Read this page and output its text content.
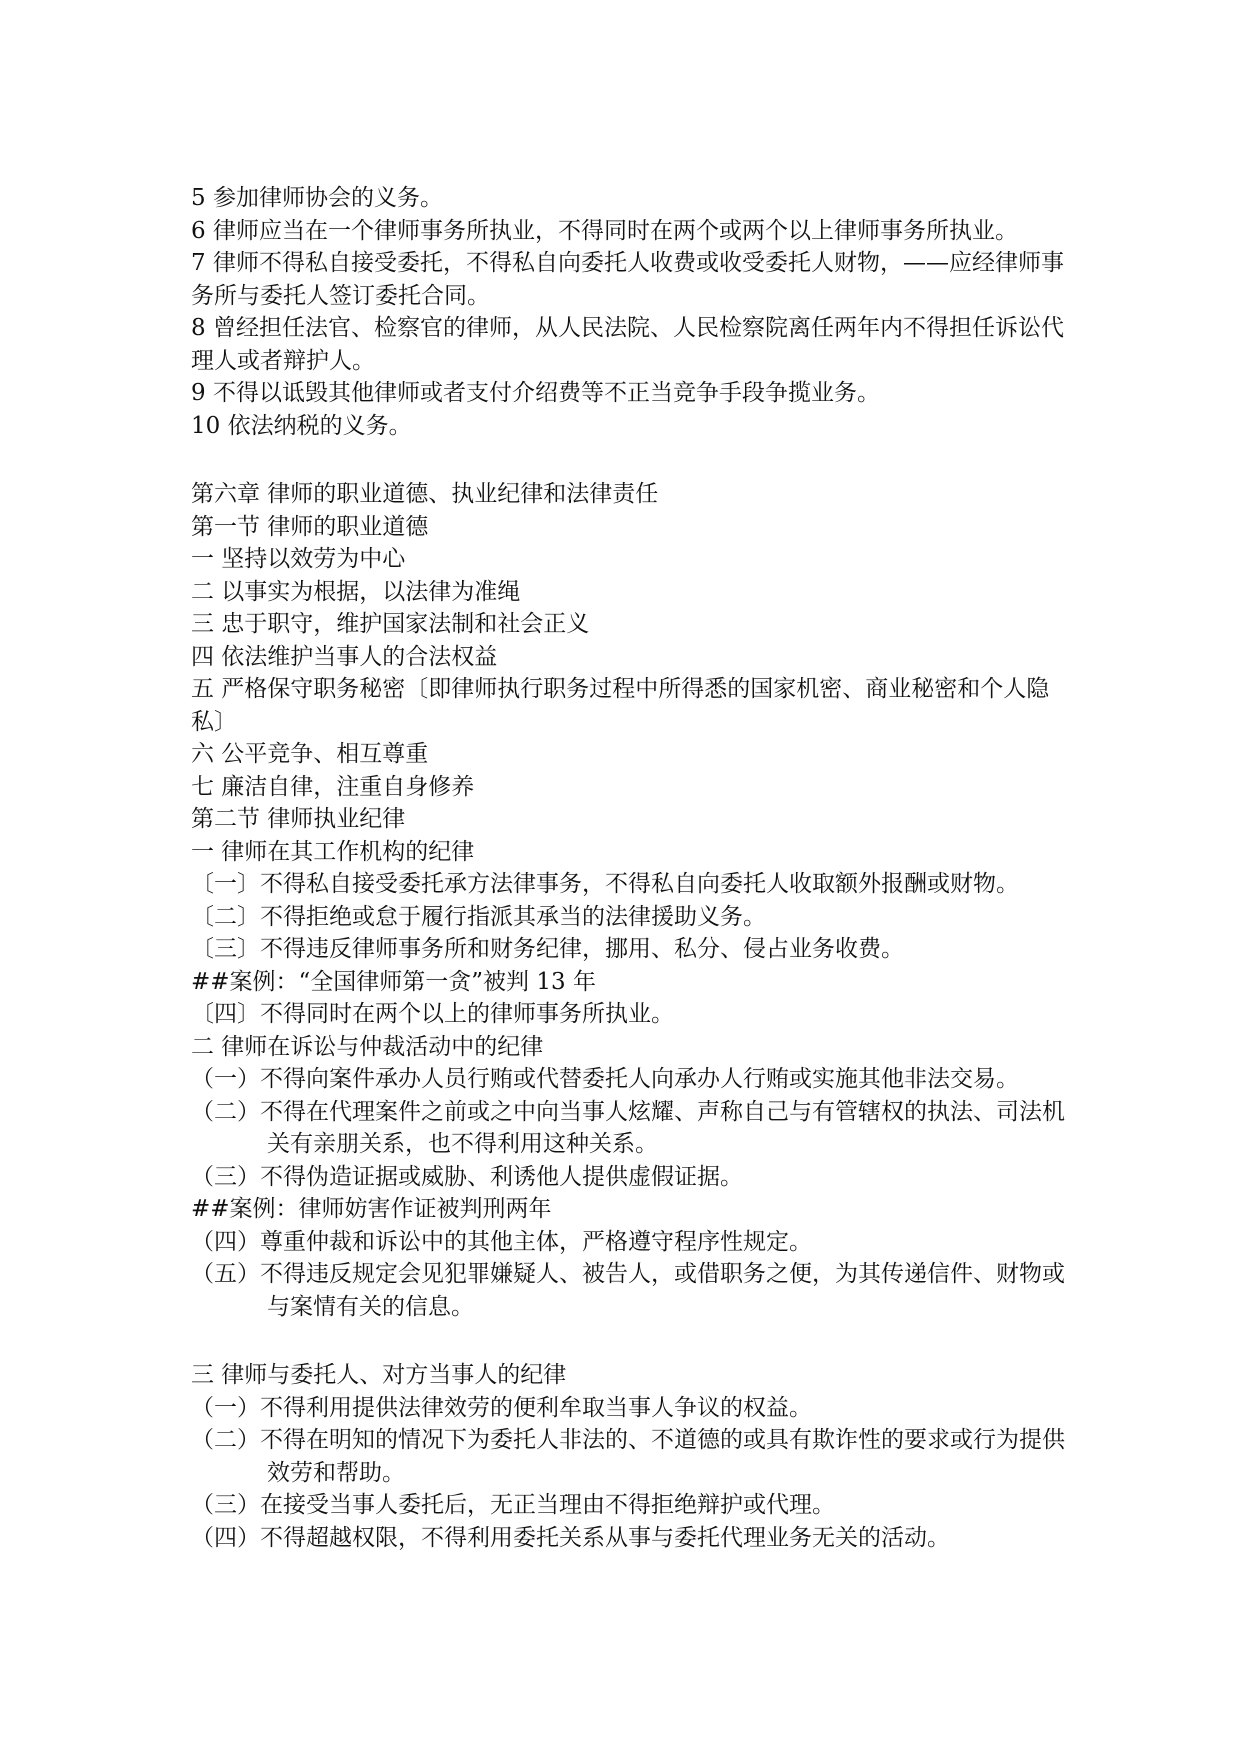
5 参加律师协会的义务。
6 律师应当在一个律师事务所执业，不得同时在两个或两个以上律师事务所执业。
7 律师不得私自接受委托，不得私自向委托人收费或收受委托人财物，——应经律师事务所与委托人签订委托合同。
8 曾经担任法官、检察官的律师，从人民法院、人民检察院离任两年内不得担任诉讼代理人或者辩护人。
9 不得以诋毁其他律师或者支付介绍费等不正当竞争手段争揽业务。
10 依法纳税的义务。
第六章 律师的职业道德、执业纪律和法律责任
第一节 律师的职业道德
一 坚持以效劳为中心
二 以事实为根据，以法律为准绳
三 忠于职守，维护国家法制和社会正义
四 依法维护当事人的合法权益
五 严格保守职务秘密〔即律师执行职务过程中所得悉的国家机密、商业秘密和个人隐私〕
六 公平竞争、相互尊重
七 廉洁自律，注重自身修养
第二节 律师执业纪律
一 律师在其工作机构的纪律
〔一〕不得私自接受委托承方法律事务，不得私自向委托人收取额外报酬或财物。
〔二〕不得拒绝或怠于履行指派其承当的法律援助义务。
〔三〕不得违反律师事务所和财务纪律，挪用、私分、侵占业务收费。
##案例：“全国律师第一贪”被判 13 年
〔四〕不得同时在两个以上的律师事务所执业。
二 律师在诉讼与仲裁活动中的纪律
（一）不得向案件承办人员行贿或代替委托人向承办人行贿或实施其他非法交易。
（二）不得在代理案件之前或之中向当事人炫耀、声称自己与有管辖权的执法、司法机关有亲朋关系，也不得利用这种关系。
（三）不得伪造证据或威胁、利诱他人提供虚假证据。
##案例：律师妨害作证被判刑两年
（四）尊重仲裁和诉讼中的其他主体，严格遵守程序性规定。
（五）不得违反规定会见犯罪嫌疑人、被告人，或借职务之便，为其传递信件、财物或与案情有关的信息。
三 律师与委托人、对方当事人的纪律
（一）不得利用提供法律效劳的便利牟取当事人争议的权益。
（二）不得在明知的情况下为委托人非法的、不道德的或具有欺诈性的要求或行为提供效劳和帮助。
（三）在接受当事人委托后，无正当理由不得拒绝辩护或代理。
（四）不得超越权限，不得利用委托关系从事与委托代理业务无关的活动。
